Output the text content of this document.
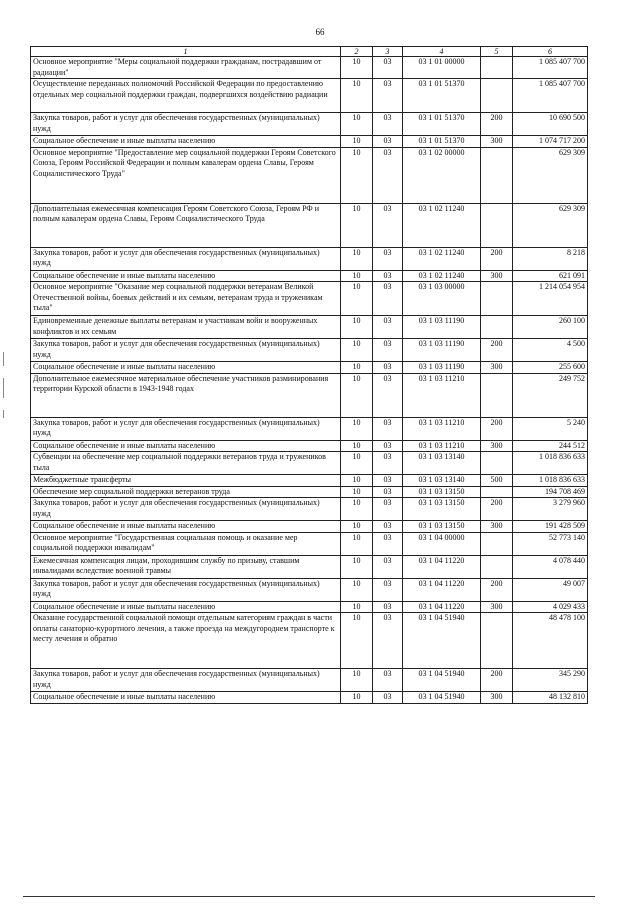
66
1	2	3	4	5	6
Основное мероприятие "Меры социальной поддержки гражданам, пострадавшим от радиации"	10	03	03 1 01 00000		1 085 407 700
Осуществление переданных полномочий Российской Федерации по предоставлению отдельных мер социальной поддержки граждан, подвергшихся воздействию радиации	10	03	03 1 01 51370		1 085 407 700
Закупка товаров, работ и услуг для обеспечения государственных (муниципальных) нужд	10	03	03 1 01 51370	200	10 690 500
Социальное обеспечение и иные выплаты населению	10	03	03 1 01 51370	300	1 074 717 200
Основное мероприятие "Предоставление мер социальной поддержки Героям Советского Союза, Героям Российской Федерации и полным кавалерам ордена Славы, Героям Социалистического Труда"	10	03	03 1 02 00000		629 309
Дополнительная ежемесячная компенсация Героям Советского Союза, Героям РФ и полным кавалерам ордена Славы, Героям Социалистического Труда	10	03	03 1 02 11240		629 309
Закупка товаров, работ и услуг для обеспечения государственных (муниципальных) нужд	10	03	03 1 02 11240	200	8 218
Социальное обеспечение и иные выплаты населению	10	03	03 1 02 11240	300	621 091
Основное мероприятие "Оказание мер социальной поддержки ветеранам Великой Отечественной войны, боевых действий и их семьям, ветеранам труда и труженикам тыла"	10	03	03 1 03 00000		1 214 054 954
Единовременные денежные выплаты ветеранам и участникам войн и вооруженных конфликтов и их семьям	10	03	03 1 03 11190		260 100
Закупка товаров, работ и услуг для обеспечения государственных (муниципальных) нужд	10	03	03 1 03 11190	200	4 500
Социальное обеспечение и иные выплаты населению	10	03	03 1 03 11190	300	255 600
Дополнительное ежемесячное материальное обеспечение участников разминирования территории Курской области в 1943-1948 годах	10	03	03 1 03 11210		249 752
Закупка товаров, работ и услуг для обеспечения государственных (муниципальных) нужд	10	03	03 1 03 11210	200	5 240
Социальное обеспечение и иные выплаты населению	10	03	03 1 03 11210	300	244 512
Субвенции на обеспечение мер социальной поддержки ветеранов труда и тружеников тыла	10	03	03 1 03 13140		1 018 836 633
Межбюджетные трансферты	10	03	03 1 03 13140	500	1 018 836 633
Обеспечение мер социальной поддержки ветеранов труда	10	03	03 1 03 13150		194 708 469
Закупка товаров, работ и услуг для обеспечения государственных (муниципальных) нужд	10	03	03 1 03 13150	200	3 279 960
Социальное обеспечение и иные выплаты населению	10	03	03 1 03 13150	300	191 428 509
Основное мероприятие "Государственная социальная помощь и оказание мер социальной поддержки инвалидам"	10	03	03 1 04 00000		52 773 140
Ежемесячная компенсация лицам, проходившим службу по призыву, ставшим инвалидами вследствие военной травмы	10	03	03 1 04 11220		4 078 440
Закупка товаров, работ и услуг для обеспечения государственных (муниципальных) нужд	10	03	03 1 04 11220	200	49 007
Социальное обеспечение и иные выплаты населению	10	03	03 1 04 11220	300	4 029 433
Оказание государственной социальной помощи отдельным категориям граждан в части оплаты санаторно-курортного лечения, а также проезда на междугороднем транспорте к месту лечения и обратно	10	03	03 1 04 51940		48 478 100
Закупка товаров, работ и услуг для обеспечения государственных (муниципальных) нужд	10	03	03 1 04 51940	200	345 290
Социальное обеспечение и иные выплаты населению	10	03	03 1 04 51940	300	48 132 810
